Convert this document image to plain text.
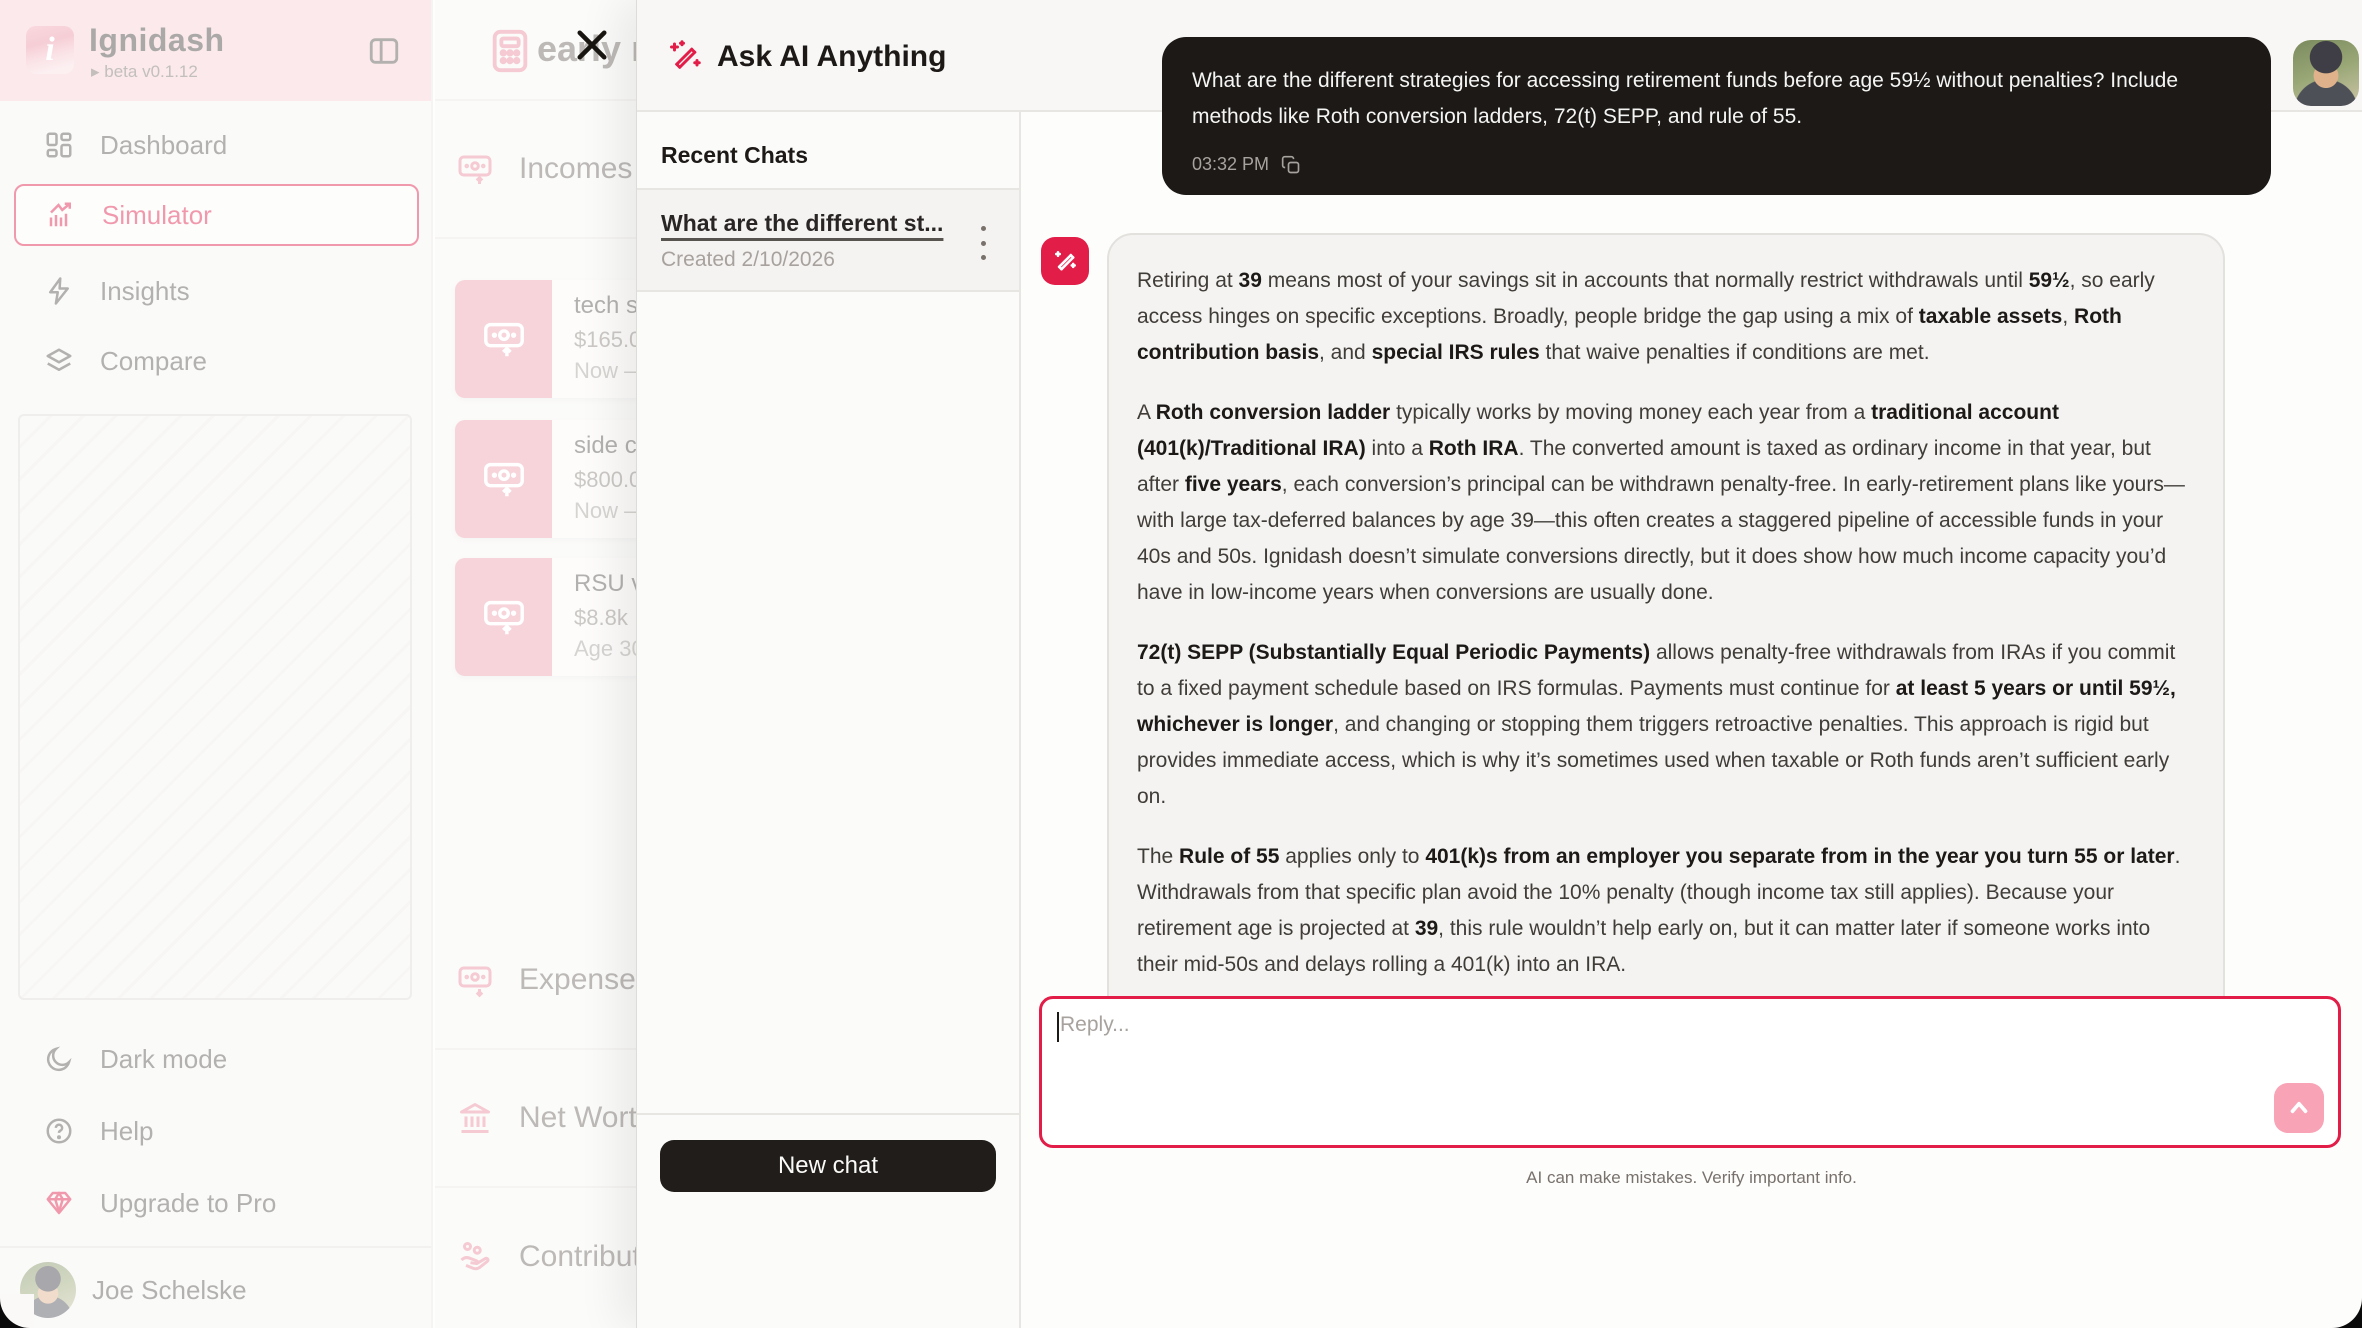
Ask AI Anything
Recent Chats
What are the different st...
Created 2/10/2026
New chat
What are the different strategies for accessing retirement funds before age 59½ without penalties? Include methods like Roth conversion ladders, 72(t) SEPP, and rule of 55.
03:32 PM

Retiring at 39 means most of your savings sit in accounts that normally restrict withdrawals until 59½, so early access hinges on specific exceptions. Broadly, people bridge the gap using a mix of taxable assets, Roth contribution basis, and special IRS rules that waive penalties if conditions are met.

A Roth conversion ladder typically works by moving money each year from a traditional account (401(k)/Traditional IRA) into a Roth IRA. The converted amount is taxed as ordinary income in that year, but after five years, each conversion’s principal can be withdrawn penalty-free. In early-retirement plans like yours—with large tax-deferred balances by age 39—this often creates a staggered pipeline of accessible funds in your 40s and 50s. Ignidash doesn’t simulate conversions directly, but it does show how much income capacity you’d have in low-income years when conversions are usually done.

72(t) SEPP (Substantially Equal Periodic Payments) allows penalty-free withdrawals from IRAs if you commit to a fixed payment schedule based on IRS formulas. Payments must continue for at least 5 years or until 59½, whichever is longer, and changing or stopping them triggers retroactive penalties. This approach is rigid but provides immediate access, which is why it’s sometimes used when taxable or Roth funds aren’t sufficient early on.

The Rule of 55 applies only to 401(k)s from an employer you separate from in the year you turn 55 or later. Withdrawals from that specific plan avoid the 10% penalty (though income tax still applies). Because your retirement age is projected at 39, this rule wouldn’t help early on, but it can matter later if someone works into their mid-50s and delays rolling a 401(k) into an IRA.

Reply...
AI can make mistakes. Verify important info.
